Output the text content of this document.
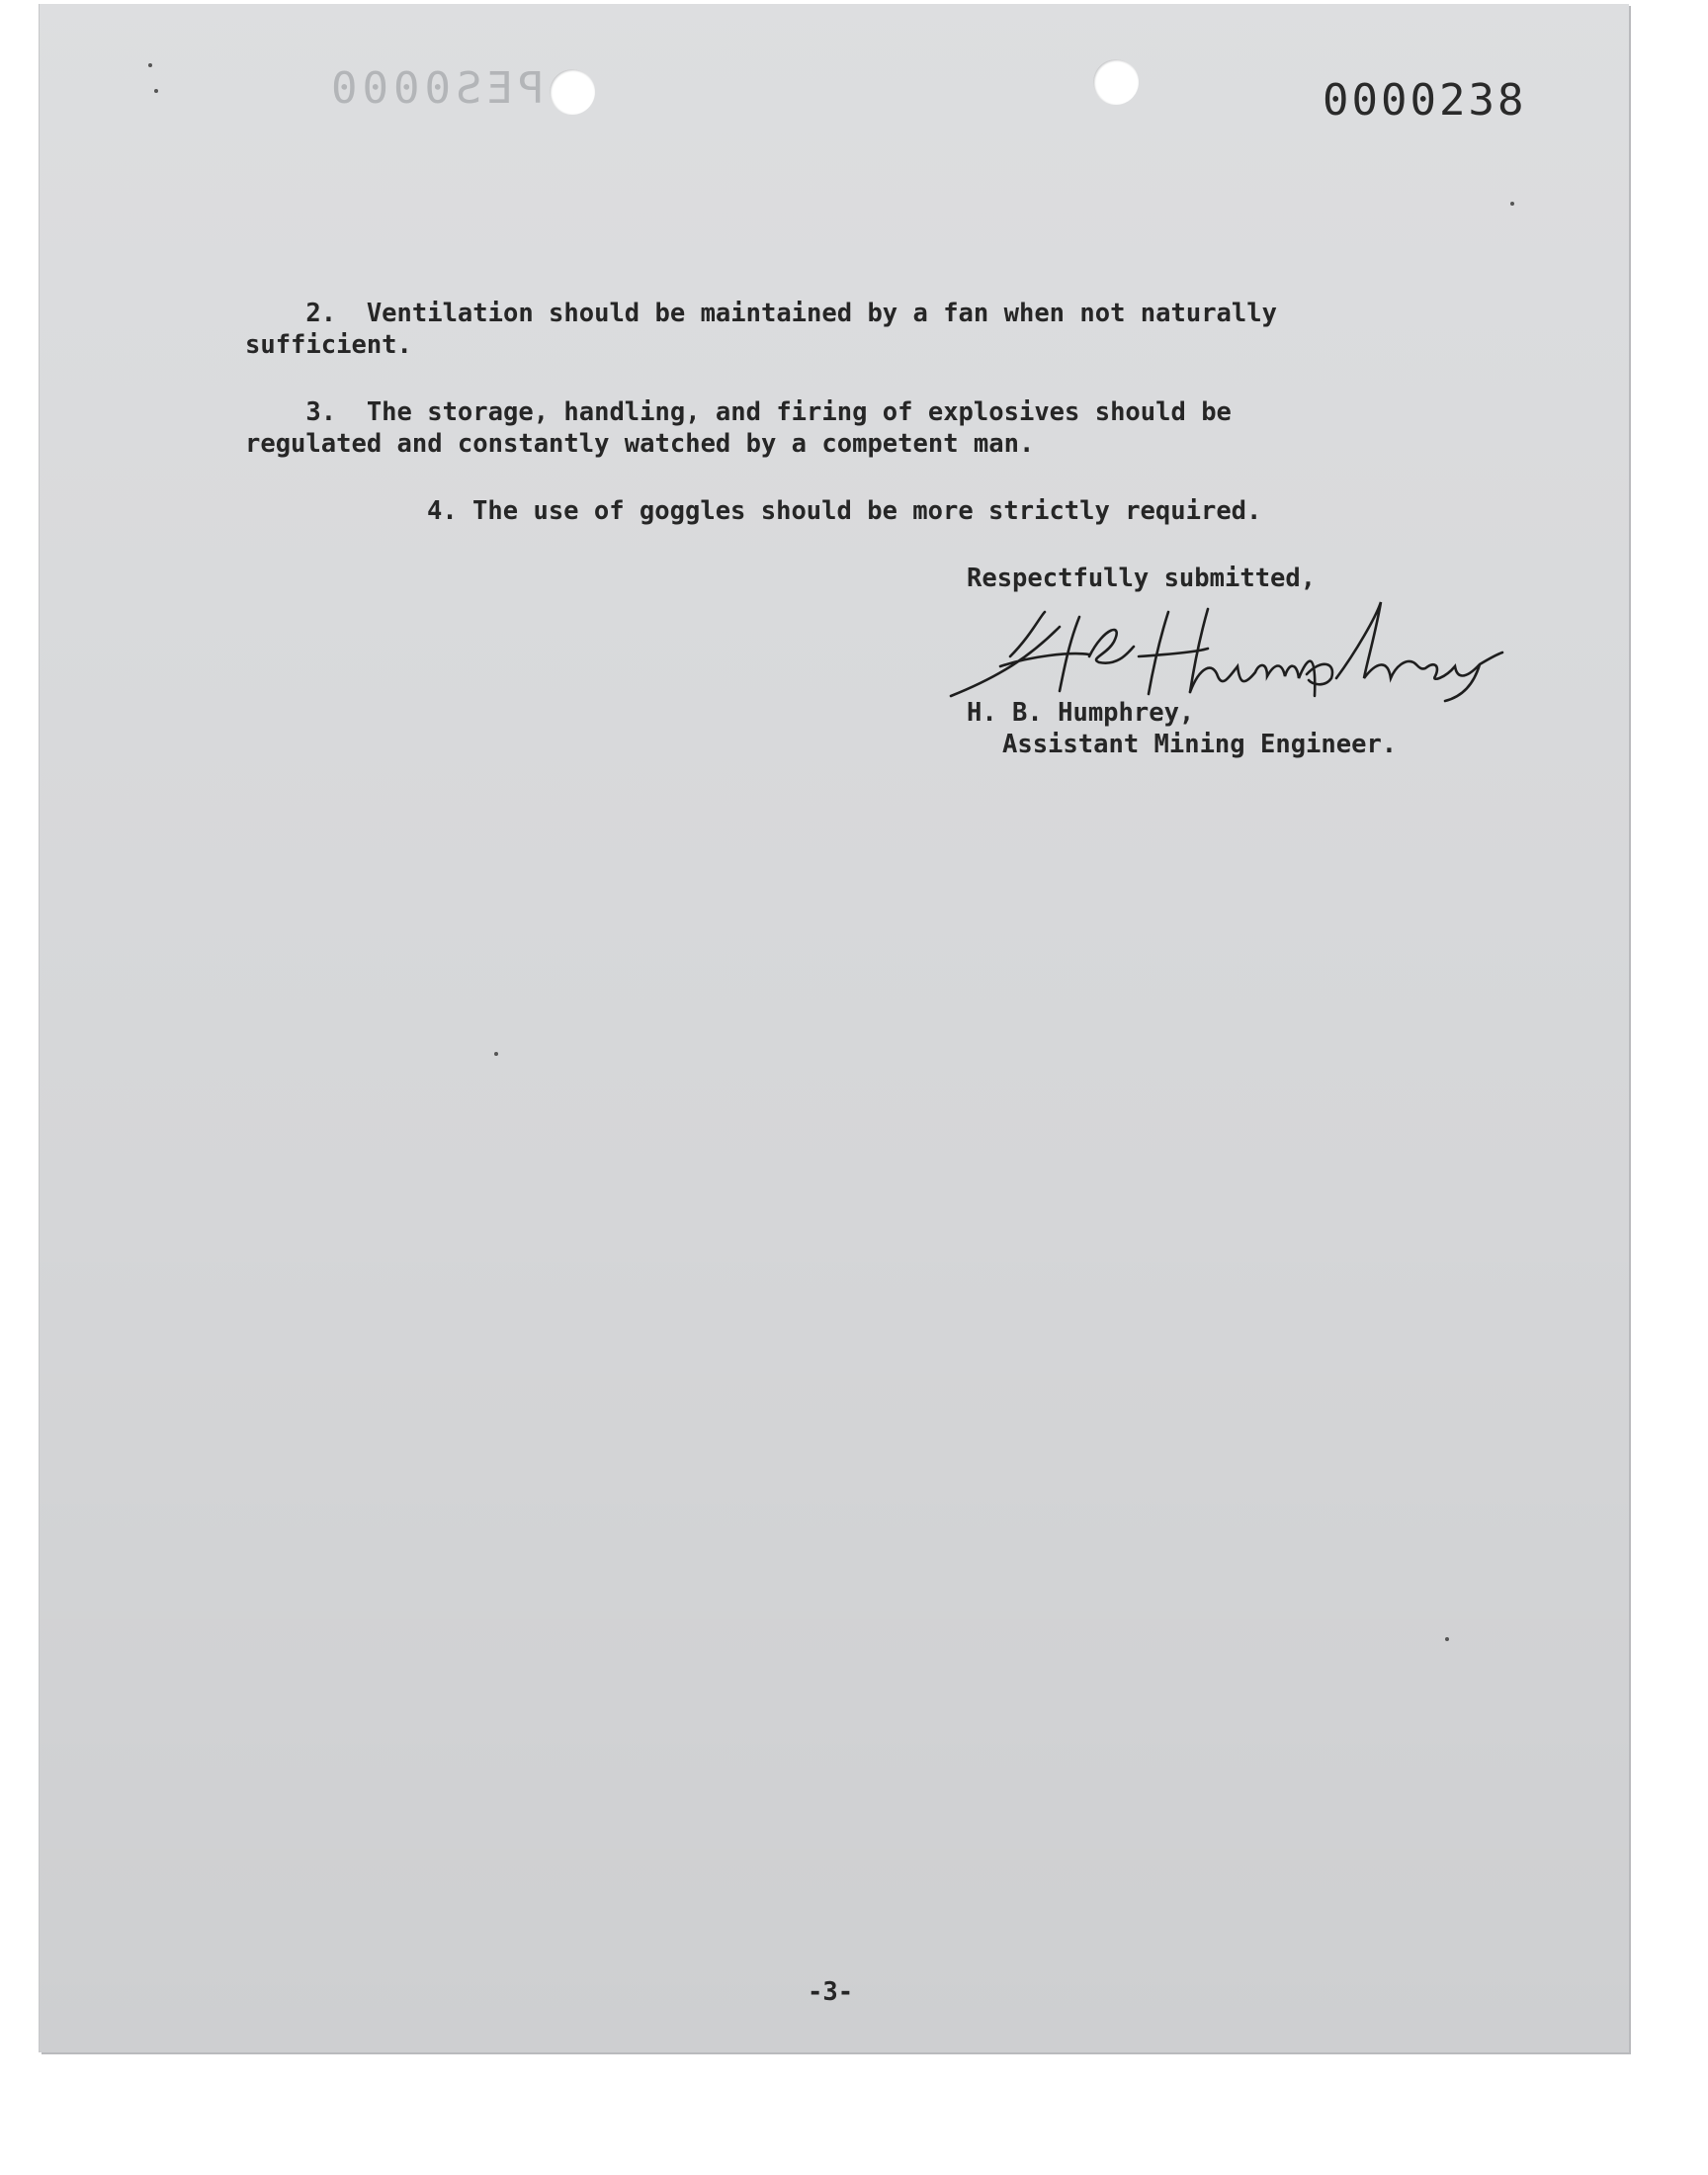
PES0000	0000238
2.  Ventilation should be maintained by a fan when not naturally
sufficient.
3.  The storage, handling, and firing of explosives should be
regulated and constantly watched by a competent man.
4. The use of goggles should be more strictly required.
Respectfully submitted,
H. B. Humphrey,
Assistant Mining Engineer.
-3-
